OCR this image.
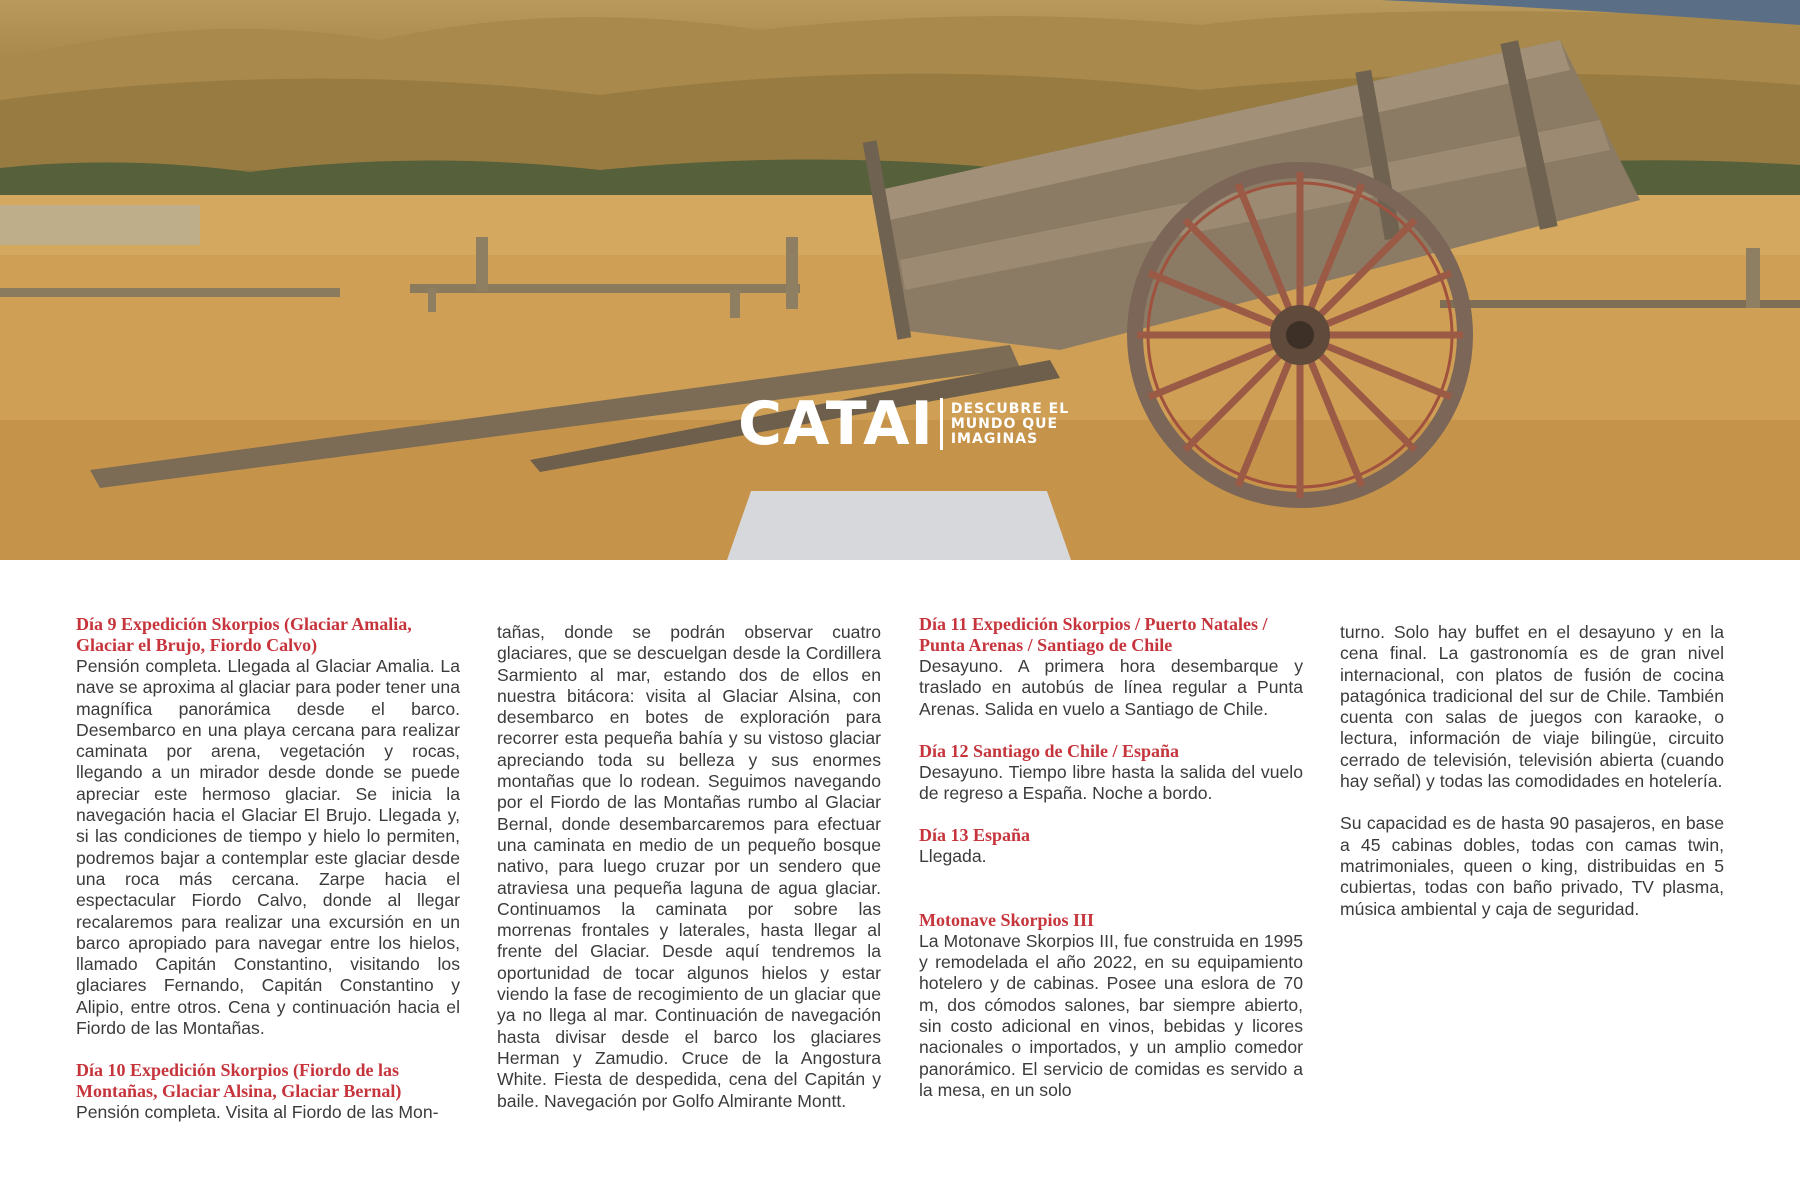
CATAI DESCUBRE EL
MUNDO QUE
IMAGINAS
Día 9 Expedición Skorpios (Glaciar Amalia, Glaciar el Brujo, Fiordo Calvo)

Pensión completa. Llegada al Glaciar Amalia. La nave se aproxima al glaciar para poder tener una magnífica panorámica desde el barco. Desembarco en una playa cercana para realizar caminata por arena, vegetación y rocas, llegando a un mirador desde donde se puede apreciar este hermoso glaciar. Se inicia la navegación hacia el Glaciar El Brujo. Llegada y, si las condiciones de tiempo y hielo lo permiten, podremos bajar a contemplar este glaciar desde una roca más cercana. Zarpe hacia el espectacular Fiordo Calvo, donde al llegar recalaremos para realizar una excursión en un barco apropiado para navegar entre los hielos, llamado Capitán Constantino, visitando los glaciares Fernando, Capitán Constantino y Alipio, entre otros. Cena y continuación hacia el Fiordo de las Montañas.

Día 10 Expedición Skorpios (Fiordo de las Montañas, Glaciar Alsina, Glaciar Bernal)

Pensión completa. Visita al Fiordo de las Mon-

tañas, donde se podrán observar cuatro glaciares, que se descuelgan desde la Cordillera Sarmiento al mar, estando dos de ellos en nuestra bitácora: visita al Glaciar Alsina, con desembarco en botes de exploración para recorrer esta pequeña bahía y su vistoso glaciar apreciando toda su belleza y sus enormes montañas que lo rodean. Seguimos navegando por el Fiordo de las Montañas rumbo al Glaciar Bernal, donde desembarcaremos para efectuar una caminata en medio de un pequeño bosque nativo, para luego cruzar por un sendero que atraviesa una pequeña laguna de agua glaciar. Continuamos la caminata por sobre las morrenas frontales y laterales, hasta llegar al frente del Glaciar. Desde aquí tendremos la oportunidad de tocar algunos hielos y estar viendo la fase de recogimiento de un glaciar que ya no llega al mar. Continuación de navegación hasta divisar desde el barco los glaciares Herman y Zamudio. Cruce de la Angostura White. Fiesta de despedida, cena del Capitán y baile. Navegación por Golfo Almirante Montt.

Día 11 Expedición Skorpios / Puerto Natales / Punta Arenas / Santiago de Chile

Desayuno. A primera hora desembarque y traslado en autobús de línea regular a Punta Arenas. Salida en vuelo a Santiago de Chile.

Día 12 Santiago de Chile / España

Desayuno. Tiempo libre hasta la salida del vuelo de regreso a España. Noche a bordo.

Día 13 España

Llegada.

Motonave Skorpios III

La Motonave Skorpios III, fue construida en 1995 y remodelada el año 2022, en su equipamiento hotelero y de cabinas. Posee una eslora de 70 m, dos cómodos salones, bar siempre abierto, sin costo adicional en vinos, bebidas y licores nacionales o importados, y un amplio comedor panorámico. El servicio de comidas es servido a la mesa, en un solo

turno. Solo hay buffet en el desayuno y en la cena final. La gastronomía es de gran nivel internacional, con platos de fusión de cocina patagónica tradicional del sur de Chile. También cuenta con salas de juegos con karaoke, o lectura, información de viaje bilingüe, circuito cerrado de televisión, televisión abierta (cuando hay señal) y todas las comodidades en hotelería.

Su capacidad es de hasta 90 pasajeros, en base a 45 cabinas dobles, todas con camas twin, matrimoniales, queen o king, distribuidas en 5 cubiertas, todas con baño privado, TV plasma, música ambiental y caja de seguridad.
